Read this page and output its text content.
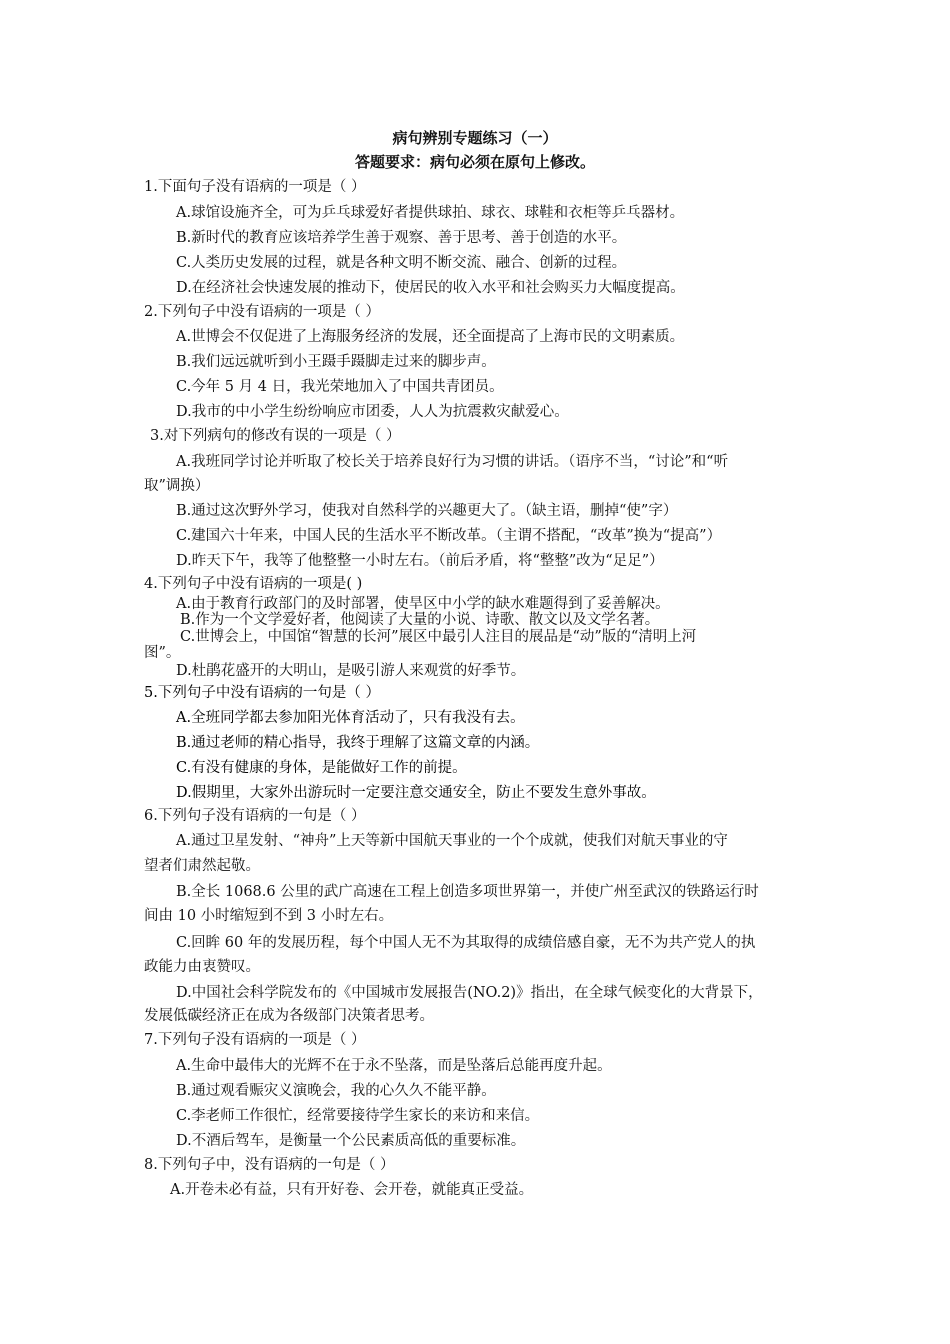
病句辨别专题练习（一）
答题要求：病句必须在原句上修改。
1.下面句子没有语病的一项是（ ）
A.球馆设施齐全，可为乒乓球爱好者提供球拍、球衣、球鞋和衣柜等乒乓器材。
B.新时代的教育应该培养学生善于观察、善于思考、善于创造的水平。
C.人类历史发展的过程，就是各种文明不断交流、融合、创新的过程。
D.在经济社会快速发展的推动下，使居民的收入水平和社会购买力大幅度提高。
2.下列句子中没有语病的一项是（ ）
A.世博会不仅促进了上海服务经济的发展，还全面提高了上海市民的文明素质。
B.我们远远就听到小王蹑手蹑脚走过来的脚步声。
C.今年 5 月 4 日，我光荣地加入了中国共青团员。
D.我市的中小学生纷纷响应市团委，人人为抗震救灾献爱心。
3.对下列病句的修改有误的一项是（ ）
A.我班同学讨论并听取了校长关于培养良好行为习惯的讲话。（语序不当，“讨论”和“听
取”调换）
B.通过这次野外学习，使我对自然科学的兴趣更大了。（缺主语，删掉“使”字）
C.建国六十年来，中国人民的生活水平不断改革。（主谓不搭配，“改革”换为“提高”）
D.昨天下午，我等了他整整一小时左右。（前后矛盾，将“整整”改为“足足”）
4.下列句子中没有语病的一项是( )
A.由于教育行政部门的及时部署，使旱区中小学的缺水难题得到了妥善解决。
B.作为一个文学爱好者，他阅读了大量的小说、诗歌、散文以及文学名著。
C.世博会上，中国馆“智慧的长河”展区中最引人注目的展品是“动”版的“清明上河
图”。
D.杜鹃花盛开的大明山，是吸引游人来观赏的好季节。
5.下列句子中没有语病的一句是（ ）
A.全班同学都去参加阳光体育活动了，只有我没有去。
B.通过老师的精心指导，我终于理解了这篇文章的内涵。
C.有没有健康的身体，是能做好工作的前提。
D.假期里，大家外出游玩时一定要注意交通安全，防止不要发生意外事故。
6.下列句子没有语病的一句是（ ）
A.通过卫星发射、“神舟”上天等新中国航天事业的一个个成就，使我们对航天事业的守
望者们肃然起敬。
B.全长 1068.6 公里的武广高速在工程上创造多项世界第一，并使广州至武汉的铁路运行时
间由 10 小时缩短到不到 3 小时左右。
C.回眸 60 年的发展历程，每个中国人无不为其取得的成绩倍感自豪，无不为共产党人的执
政能力由衷赞叹。
D.中国社会科学院发布的《中国城市发展报告(NO.2)》指出，在全球气候变化的大背景下，
发展低碳经济正在成为各级部门决策者思考。
7.下列句子没有语病的一项是（ ）
A.生命中最伟大的光辉不在于永不坠落，而是坠落后总能再度升起。
B.通过观看赈灾义演晚会，我的心久久不能平静。
C.李老师工作很忙，经常要接待学生家长的来访和来信。
D.不酒后驾车，是衡量一个公民素质高低的重要标准。
8.下列句子中，没有语病的一句是（ ）
A.开卷未必有益，只有开好卷、会开卷，就能真正受益。
